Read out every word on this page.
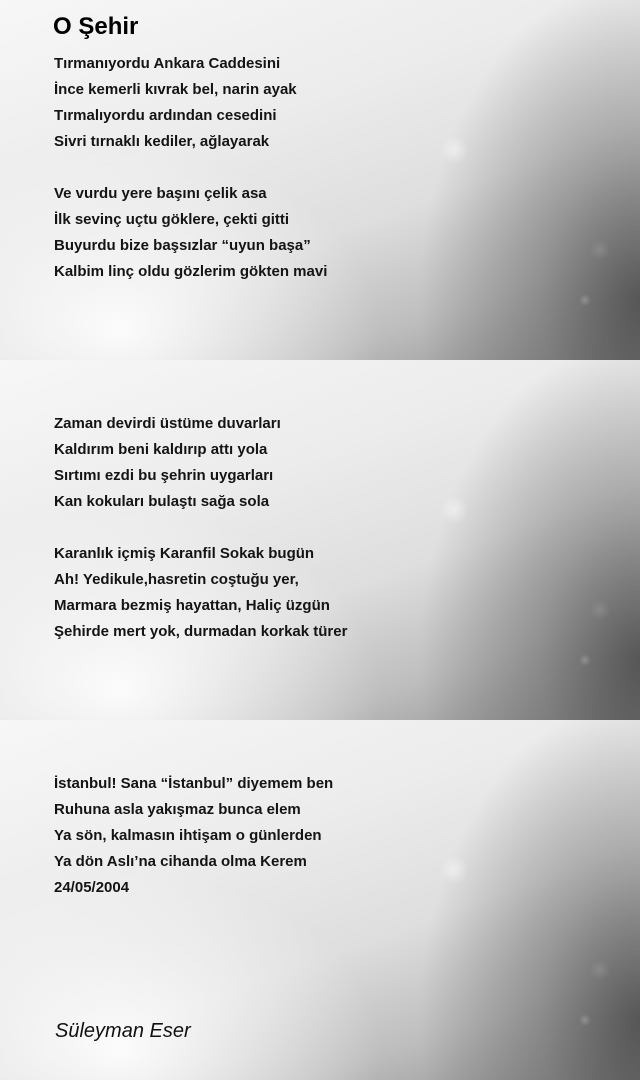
O Şehir
Tırmanıyordu Ankara Caddesini
İnce kemerli kıvrak bel, narin ayak
Tırmalıyordu ardından cesedini
Sivri tırnaklı kediler, ağlayarak
Ve vurdu yere başını çelik asa
İlk sevinç uçtu göklere, çekti gitti
Buyurdu bize başsızlar “uyun başa”
Kalbim linç oldu gözlerim gökten mavi
Zaman devirdi üstüme duvarları
Kaldırım beni kaldırıp attı yola
Sırtımı ezdi bu şehrin uygarları
Kan kokuları bulaştı sağa sola
Karanlık içmiş Karanfil Sokak bugün
Ah! Yedikule,hasretin coştuğu yer,
Marmara bezmiş hayattan, Haliç üzgün
Şehirde mert yok, durmadan korkak türer
İstanbul! Sana “İstanbul” diyemem ben
Ruhuna asla yakışmaz bunca elem
Ya sön, kalmasın ihtişam o günlerden
Ya dön Aslı’na cihanda olma Kerem
24/05/2004
Süleyman Eser
